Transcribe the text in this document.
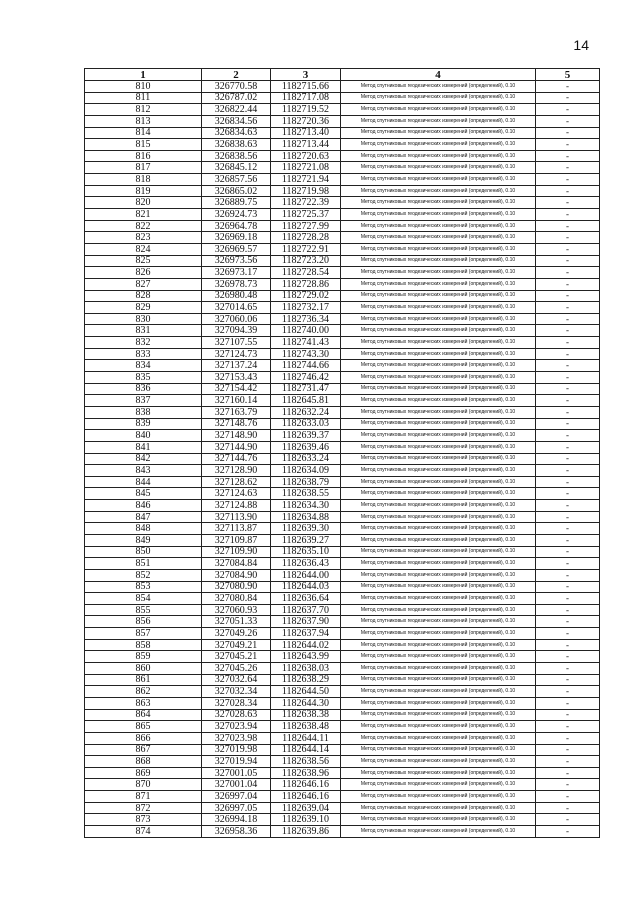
14
1	2	3	4	5
810	326770.58	1182715.66	Метод спутниковых геодезических измерений (определений), 0.10	-
811	326787.02	1182717.08	Метод спутниковых геодезических измерений (определений), 0.10	-
812	326822.44	1182719.52	Метод спутниковых геодезических измерений (определений), 0.10	-
813	326834.56	1182720.36	Метод спутниковых геодезических измерений (определений), 0.10	-
814	326834.63	1182713.40	Метод спутниковых геодезических измерений (определений), 0.10	-
815	326838.63	1182713.44	Метод спутниковых геодезических измерений (определений), 0.10	-
816	326838.56	1182720.63	Метод спутниковых геодезических измерений (определений), 0.10	-
817	326845.12	1182721.08	Метод спутниковых геодезических измерений (определений), 0.10	-
818	326857.56	1182721.94	Метод спутниковых геодезических измерений (определений), 0.10	-
819	326865.02	1182719.98	Метод спутниковых геодезических измерений (определений), 0.10	-
820	326889.75	1182722.39	Метод спутниковых геодезических измерений (определений), 0.10	-
821	326924.73	1182725.37	Метод спутниковых геодезических измерений (определений), 0.10	-
822	326964.78	1182727.99	Метод спутниковых геодезических измерений (определений), 0.10	-
823	326969.18	1182728.28	Метод спутниковых геодезических измерений (определений), 0.10	-
824	326969.57	1182722.91	Метод спутниковых геодезических измерений (определений), 0.10	-
825	326973.56	1182723.20	Метод спутниковых геодезических измерений (определений), 0.10	-
826	326973.17	1182728.54	Метод спутниковых геодезических измерений (определений), 0.10	-
827	326978.73	1182728.86	Метод спутниковых геодезических измерений (определений), 0.10	-
828	326980.48	1182729.02	Метод спутниковых геодезических измерений (определений), 0.10	-
829	327014.65	1182732.17	Метод спутниковых геодезических измерений (определений), 0.10	-
830	327060.06	1182736.34	Метод спутниковых геодезических измерений (определений), 0.10	-
831	327094.39	1182740.00	Метод спутниковых геодезических измерений (определений), 0.10	-
832	327107.55	1182741.43	Метод спутниковых геодезических измерений (определений), 0.10	-
833	327124.73	1182743.30	Метод спутниковых геодезических измерений (определений), 0.10	-
834	327137.24	1182744.66	Метод спутниковых геодезических измерений (определений), 0.10	-
835	327153.43	1182746.42	Метод спутниковых геодезических измерений (определений), 0.10	-
836	327154.42	1182731.47	Метод спутниковых геодезических измерений (определений), 0.10	-
837	327160.14	1182645.81	Метод спутниковых геодезических измерений (определений), 0.10	-
838	327163.79	1182632.24	Метод спутниковых геодезических измерений (определений), 0.10	-
839	327148.76	1182633.03	Метод спутниковых геодезических измерений (определений), 0.10	-
840	327148.90	1182639.37	Метод спутниковых геодезических измерений (определений), 0.10	-
841	327144.90	1182639.46	Метод спутниковых геодезических измерений (определений), 0.10	-
842	327144.76	1182633.24	Метод спутниковых геодезических измерений (определений), 0.10	-
843	327128.90	1182634.09	Метод спутниковых геодезических измерений (определений), 0.10	-
844	327128.62	1182638.79	Метод спутниковых геодезических измерений (определений), 0.10	-
845	327124.63	1182638.55	Метод спутниковых геодезических измерений (определений), 0.10	-
846	327124.88	1182634.30	Метод спутниковых геодезических измерений (определений), 0.10	-
847	327113.90	1182634.88	Метод спутниковых геодезических измерений (определений), 0.10	-
848	327113.87	1182639.30	Метод спутниковых геодезических измерений (определений), 0.10	-
849	327109.87	1182639.27	Метод спутниковых геодезических измерений (определений), 0.10	-
850	327109.90	1182635.10	Метод спутниковых геодезических измерений (определений), 0.10	-
851	327084.84	1182636.43	Метод спутниковых геодезических измерений (определений), 0.10	-
852	327084.90	1182644.00	Метод спутниковых геодезических измерений (определений), 0.10	-
853	327080.90	1182644.03	Метод спутниковых геодезических измерений (определений), 0.10	-
854	327080.84	1182636.64	Метод спутниковых геодезических измерений (определений), 0.10	-
855	327060.93	1182637.70	Метод спутниковых геодезических измерений (определений), 0.10	-
856	327051.33	1182637.90	Метод спутниковых геодезических измерений (определений), 0.10	-
857	327049.26	1182637.94	Метод спутниковых геодезических измерений (определений), 0.10	-
858	327049.21	1182644.02	Метод спутниковых геодезических измерений (определений), 0.10	-
859	327045.21	1182643.99	Метод спутниковых геодезических измерений (определений), 0.10	-
860	327045.26	1182638.03	Метод спутниковых геодезических измерений (определений), 0.10	-
861	327032.64	1182638.29	Метод спутниковых геодезических измерений (определений), 0.10	-
862	327032.34	1182644.50	Метод спутниковых геодезических измерений (определений), 0.10	-
863	327028.34	1182644.30	Метод спутниковых геодезических измерений (определений), 0.10	-
864	327028.63	1182638.38	Метод спутниковых геодезических измерений (определений), 0.10	-
865	327023.94	1182638.48	Метод спутниковых геодезических измерений (определений), 0.10	-
866	327023.98	1182644.11	Метод спутниковых геодезических измерений (определений), 0.10	-
867	327019.98	1182644.14	Метод спутниковых геодезических измерений (определений), 0.10	-
868	327019.94	1182638.56	Метод спутниковых геодезических измерений (определений), 0.10	-
869	327001.05	1182638.96	Метод спутниковых геодезических измерений (определений), 0.10	-
870	327001.04	1182646.16	Метод спутниковых геодезических измерений (определений), 0.10	-
871	326997.04	1182646.16	Метод спутниковых геодезических измерений (определений), 0.10	-
872	326997.05	1182639.04	Метод спутниковых геодезических измерений (определений), 0.10	-
873	326994.18	1182639.10	Метод спутниковых геодезических измерений (определений), 0.10	-
874	326958.36	1182639.86	Метод спутниковых геодезических измерений (определений), 0.10	-
